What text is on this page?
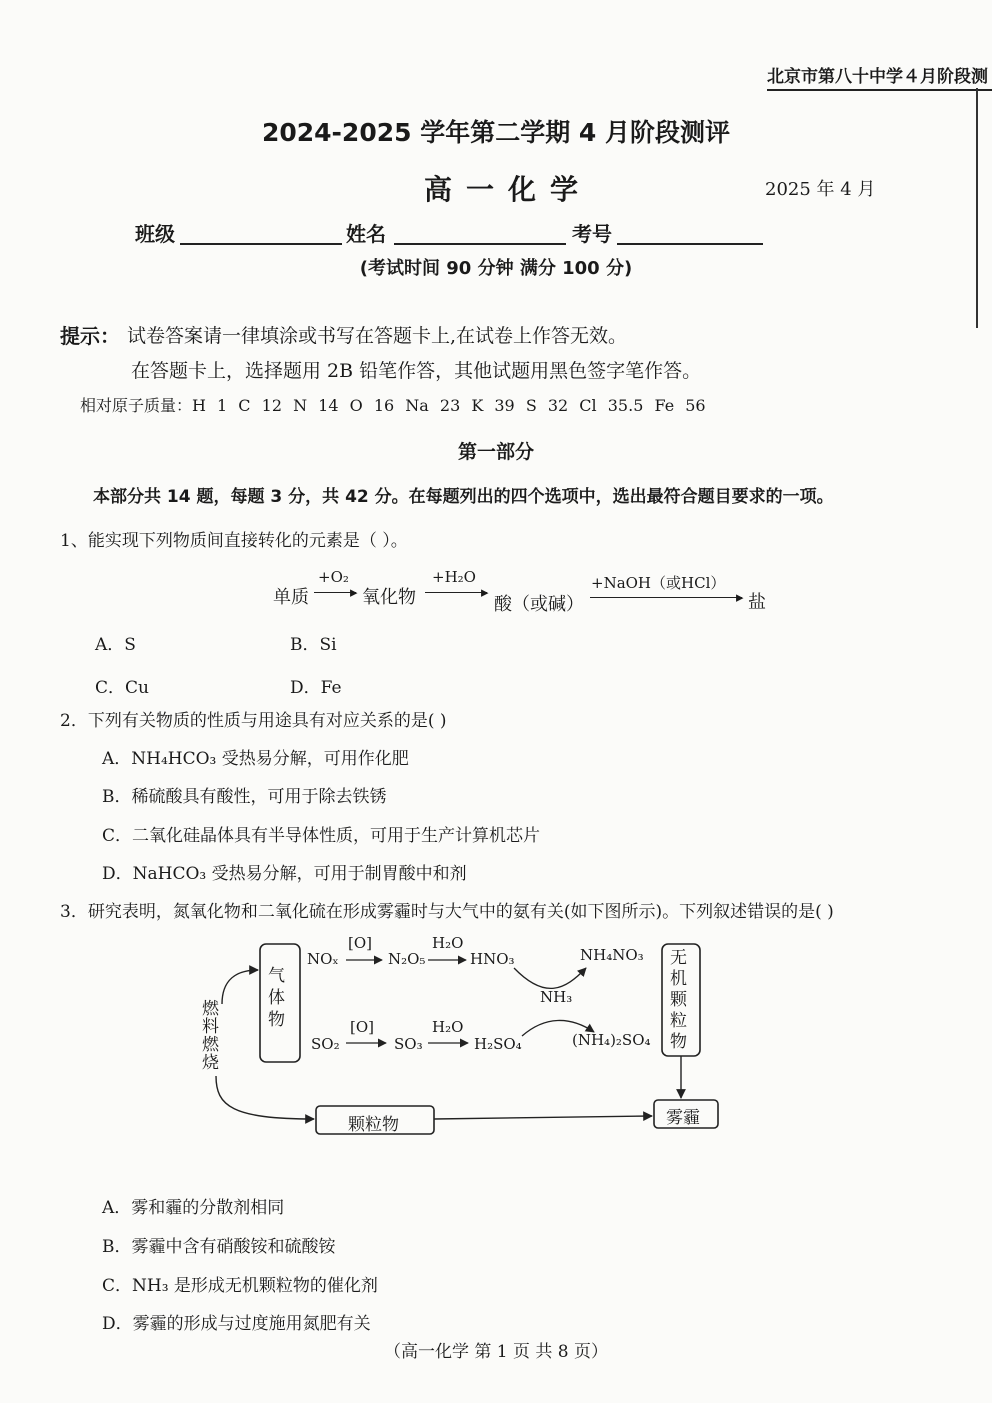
北京市第八十中学４月阶段测
2024-2025 学年第二学期 4 月阶段测评
高一化学	2025 年 4 月
班级	姓名	考号
(考试时间 90 分钟 满分 100 分)
提示： 试卷答案请一律填涂或书写在答题卡上,在试卷上作答无效。
在答题卡上，选择题用 2B 铅笔作答，其他试题用黑色签字笔作答。
相对原子质量：H 1 C 12 N 14 O 16 Na 23 K 39 S 32 Cl 35.5 Fe 56
第一部分
本部分共 14 题，每题 3 分，共 42 分。在每题列出的四个选项中，选出最符合题目要求的一项。
1、能实现下列物质间直接转化的元素是（ ）。
单质
+O₂
▸ 氧化物
+H₂O
▸
酸（或碱）
+NaOH（或HCl）
▸ 盐
A．S	B．Si
C．Cu	D．Fe
2．下列有关物质的性质与用途具有对应关系的是( )
A．NH₄HCO₃ 受热易分解，可用作化肥
B．稀硫酸具有酸性，可用于除去铁锈
C．二氧化硅晶体具有半导体性质，可用于生产计算机芯片
D．NaHCO₃ 受热易分解，可用于制胃酸中和剂
3．研究表明，氮氧化物和二氧化硫在形成雾霾时与大气中的氨有关(如下图所示)。下列叙述错误的是( )
气体物
无机颗粒物
燃料燃烧
颗粒物	雾霾
NOₓ
[O]
N₂O₅
H₂O
HNO₃	NH₄NO₃
NH₃
SO₂
[O]
SO₃
H₂O
H₂SO₄	(NH₄)₂SO₄
A．雾和霾的分散剂相同
B．雾霾中含有硝酸铵和硫酸铵
C．NH₃ 是形成无机颗粒物的催化剂
D．雾霾的形成与过度施用氮肥有关
（高一化学 第 1 页 共 8 页）
